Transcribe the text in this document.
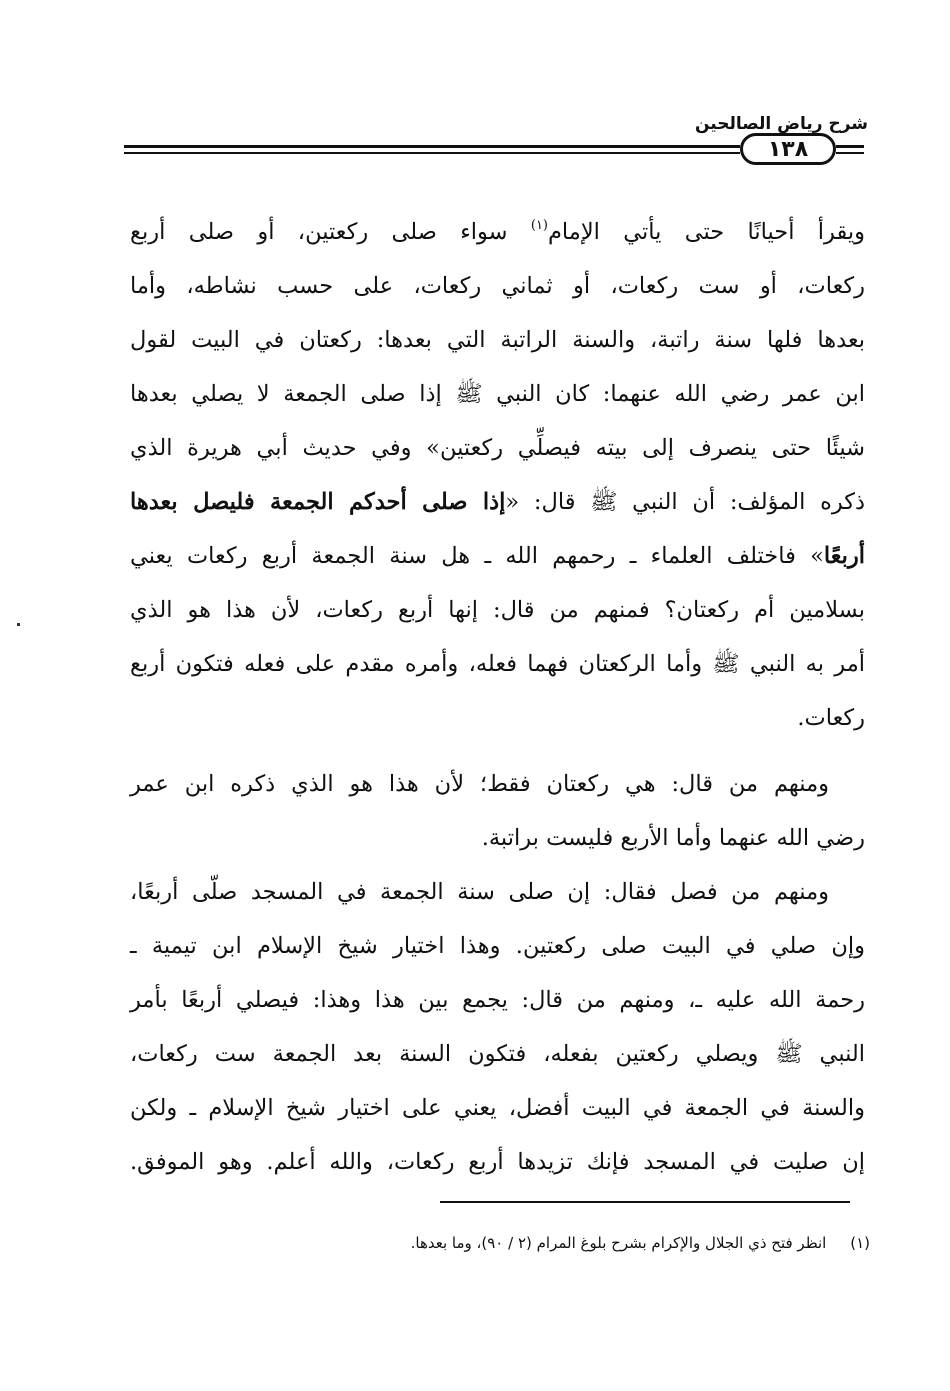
شرح رياض الصالحين
١٣٨
ويقرأ أحيانًا حتى يأتي الإمام$^{(١)}$ سواء صلى ركعتين، أو صلى أربع
ركعات، أو ست ركعات، أو ثماني ركعات، على حسب نشاطه، وأما
بعدها فلها سنة راتبة، والسنة الراتبة التي بعدها: ركعتان في البيت لقول
ابن عمر رضي الله عنهما: كان النبي ﷺ إذا صلى الجمعة لا يصلي بعدها
شيئًا حتى ينصرف إلى بيته فيصلِّي ركعتين» وفي حديث أبي هريرة الذي
ذكره المؤلف: أن النبي ﷺ قال: «إذا صلى أحدكم الجمعة فليصل بعدها
أربعًا» فاختلف العلماء ـ رحمهم الله ـ هل سنة الجمعة أربع ركعات يعني
بسلامين أم ركعتان؟ فمنهم من قال: إنها أربع ركعات، لأن هذا هو الذي
أمر به النبي ﷺ وأما الركعتان فهما فعله، وأمره مقدم على فعله فتكون أربع
ركعات.
ومنهم من قال: هي ركعتان فقط؛ لأن هذا هو الذي ذكره ابن عمر
رضي الله عنهما وأما الأربع فليست براتبة.
ومنهم من فصل فقال: إن صلى سنة الجمعة في المسجد صلّى أربعًا،
وإن صلي في البيت صلى ركعتين. وهذا اختيار شيخ الإسلام ابن تيمية ـ
رحمة الله عليه ـ، ومنهم من قال: يجمع بين هذا وهذا: فيصلي أربعًا بأمر
النبي ﷺ ويصلي ركعتين بفعله، فتكون السنة بعد الجمعة ست ركعات،
والسنة في الجمعة في البيت أفضل، يعني على اختيار شيخ الإسلام ـ ولكن
إن صليت في المسجد فإنك تزيدها أربع ركعات، والله أعلم. وهو الموفق.
(١)     انظر فتح ذي الجلال والإكرام بشرح بلوغ المرام (٢ / ٩٠)، وما بعدها.
